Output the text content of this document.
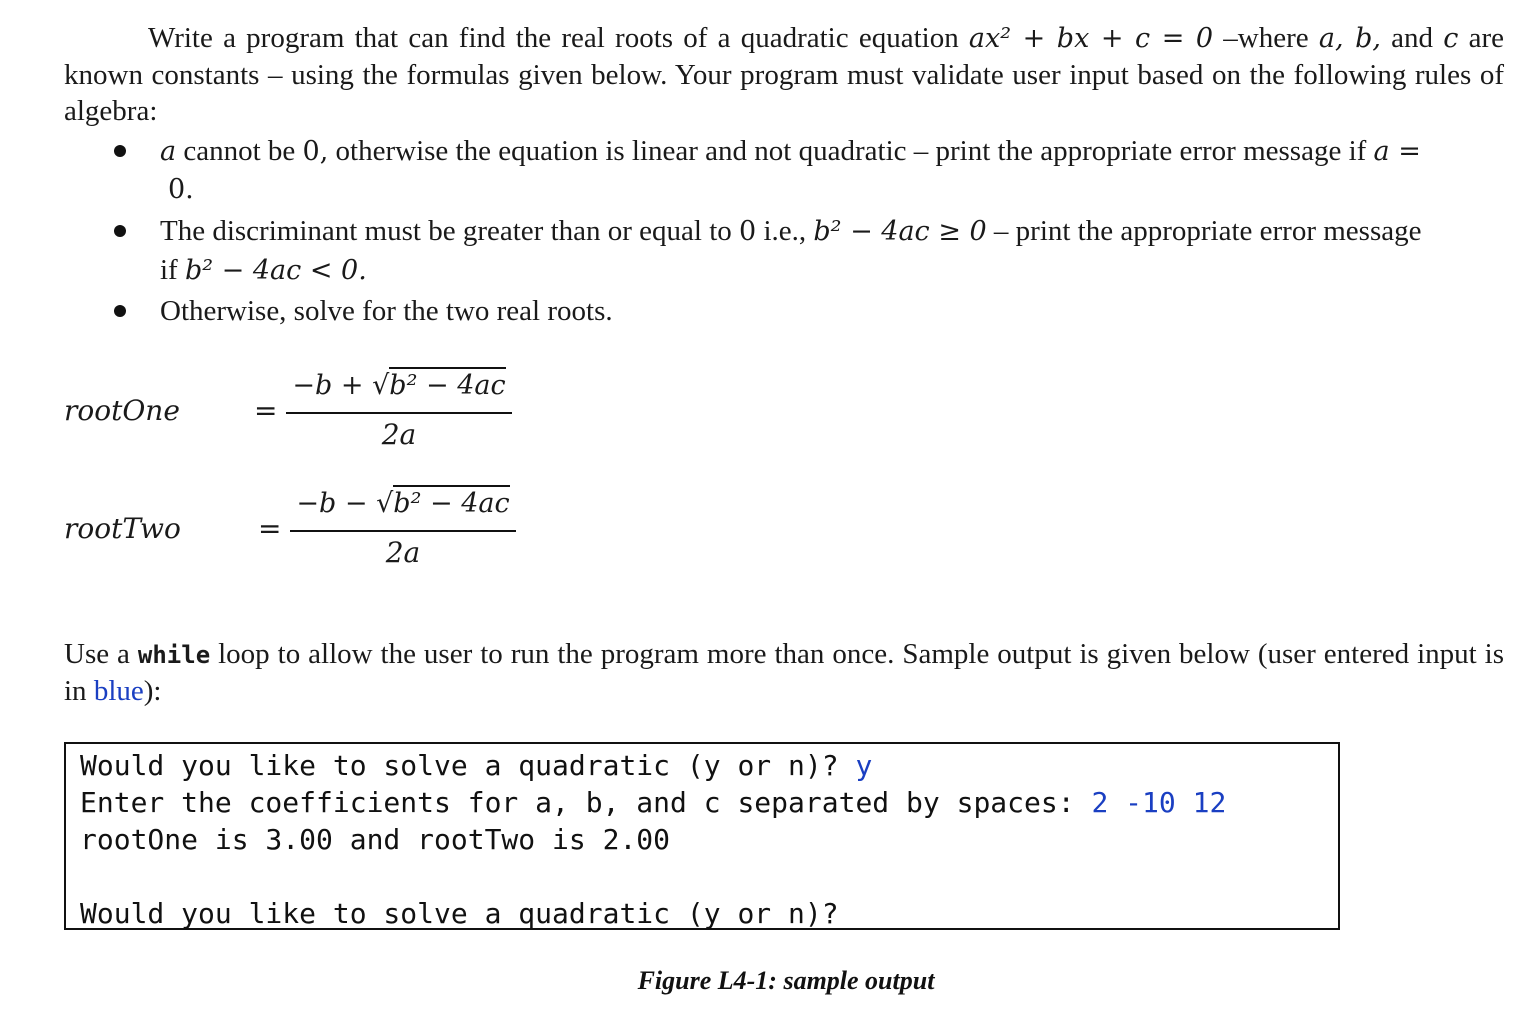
Write a program that can find the real roots of a quadratic equation ax² + bx + c = 0 –where a, b, and c are known constants – using the formulas given below. Your program must validate user input based on the following rules of algebra:
a cannot be 0, otherwise the equation is linear and not quadratic – print the appropriate error message if a =

0.
The discriminant must be greater than or equal to 0 i.e., b² − 4ac ≥ 0 – print the appropriate error message
if b² − 4ac < 0.
Otherwise, solve for the two real roots.
rootOne	=
−b + √b² − 4ac
2a
rootTwo	=
−b − √b² − 4ac
2a
Use a while loop to allow the user to run the program more than once. Sample output is given below (user entered input is in blue):
Would you like to solve a quadratic (y or n)? y
Enter the coefficients for a, b, and c separated by spaces: 2 -10 12
rootOne is 3.00 and rootTwo is 2.00
Would you like to solve a quadratic (y or n)?
Figure L4-1: sample output
